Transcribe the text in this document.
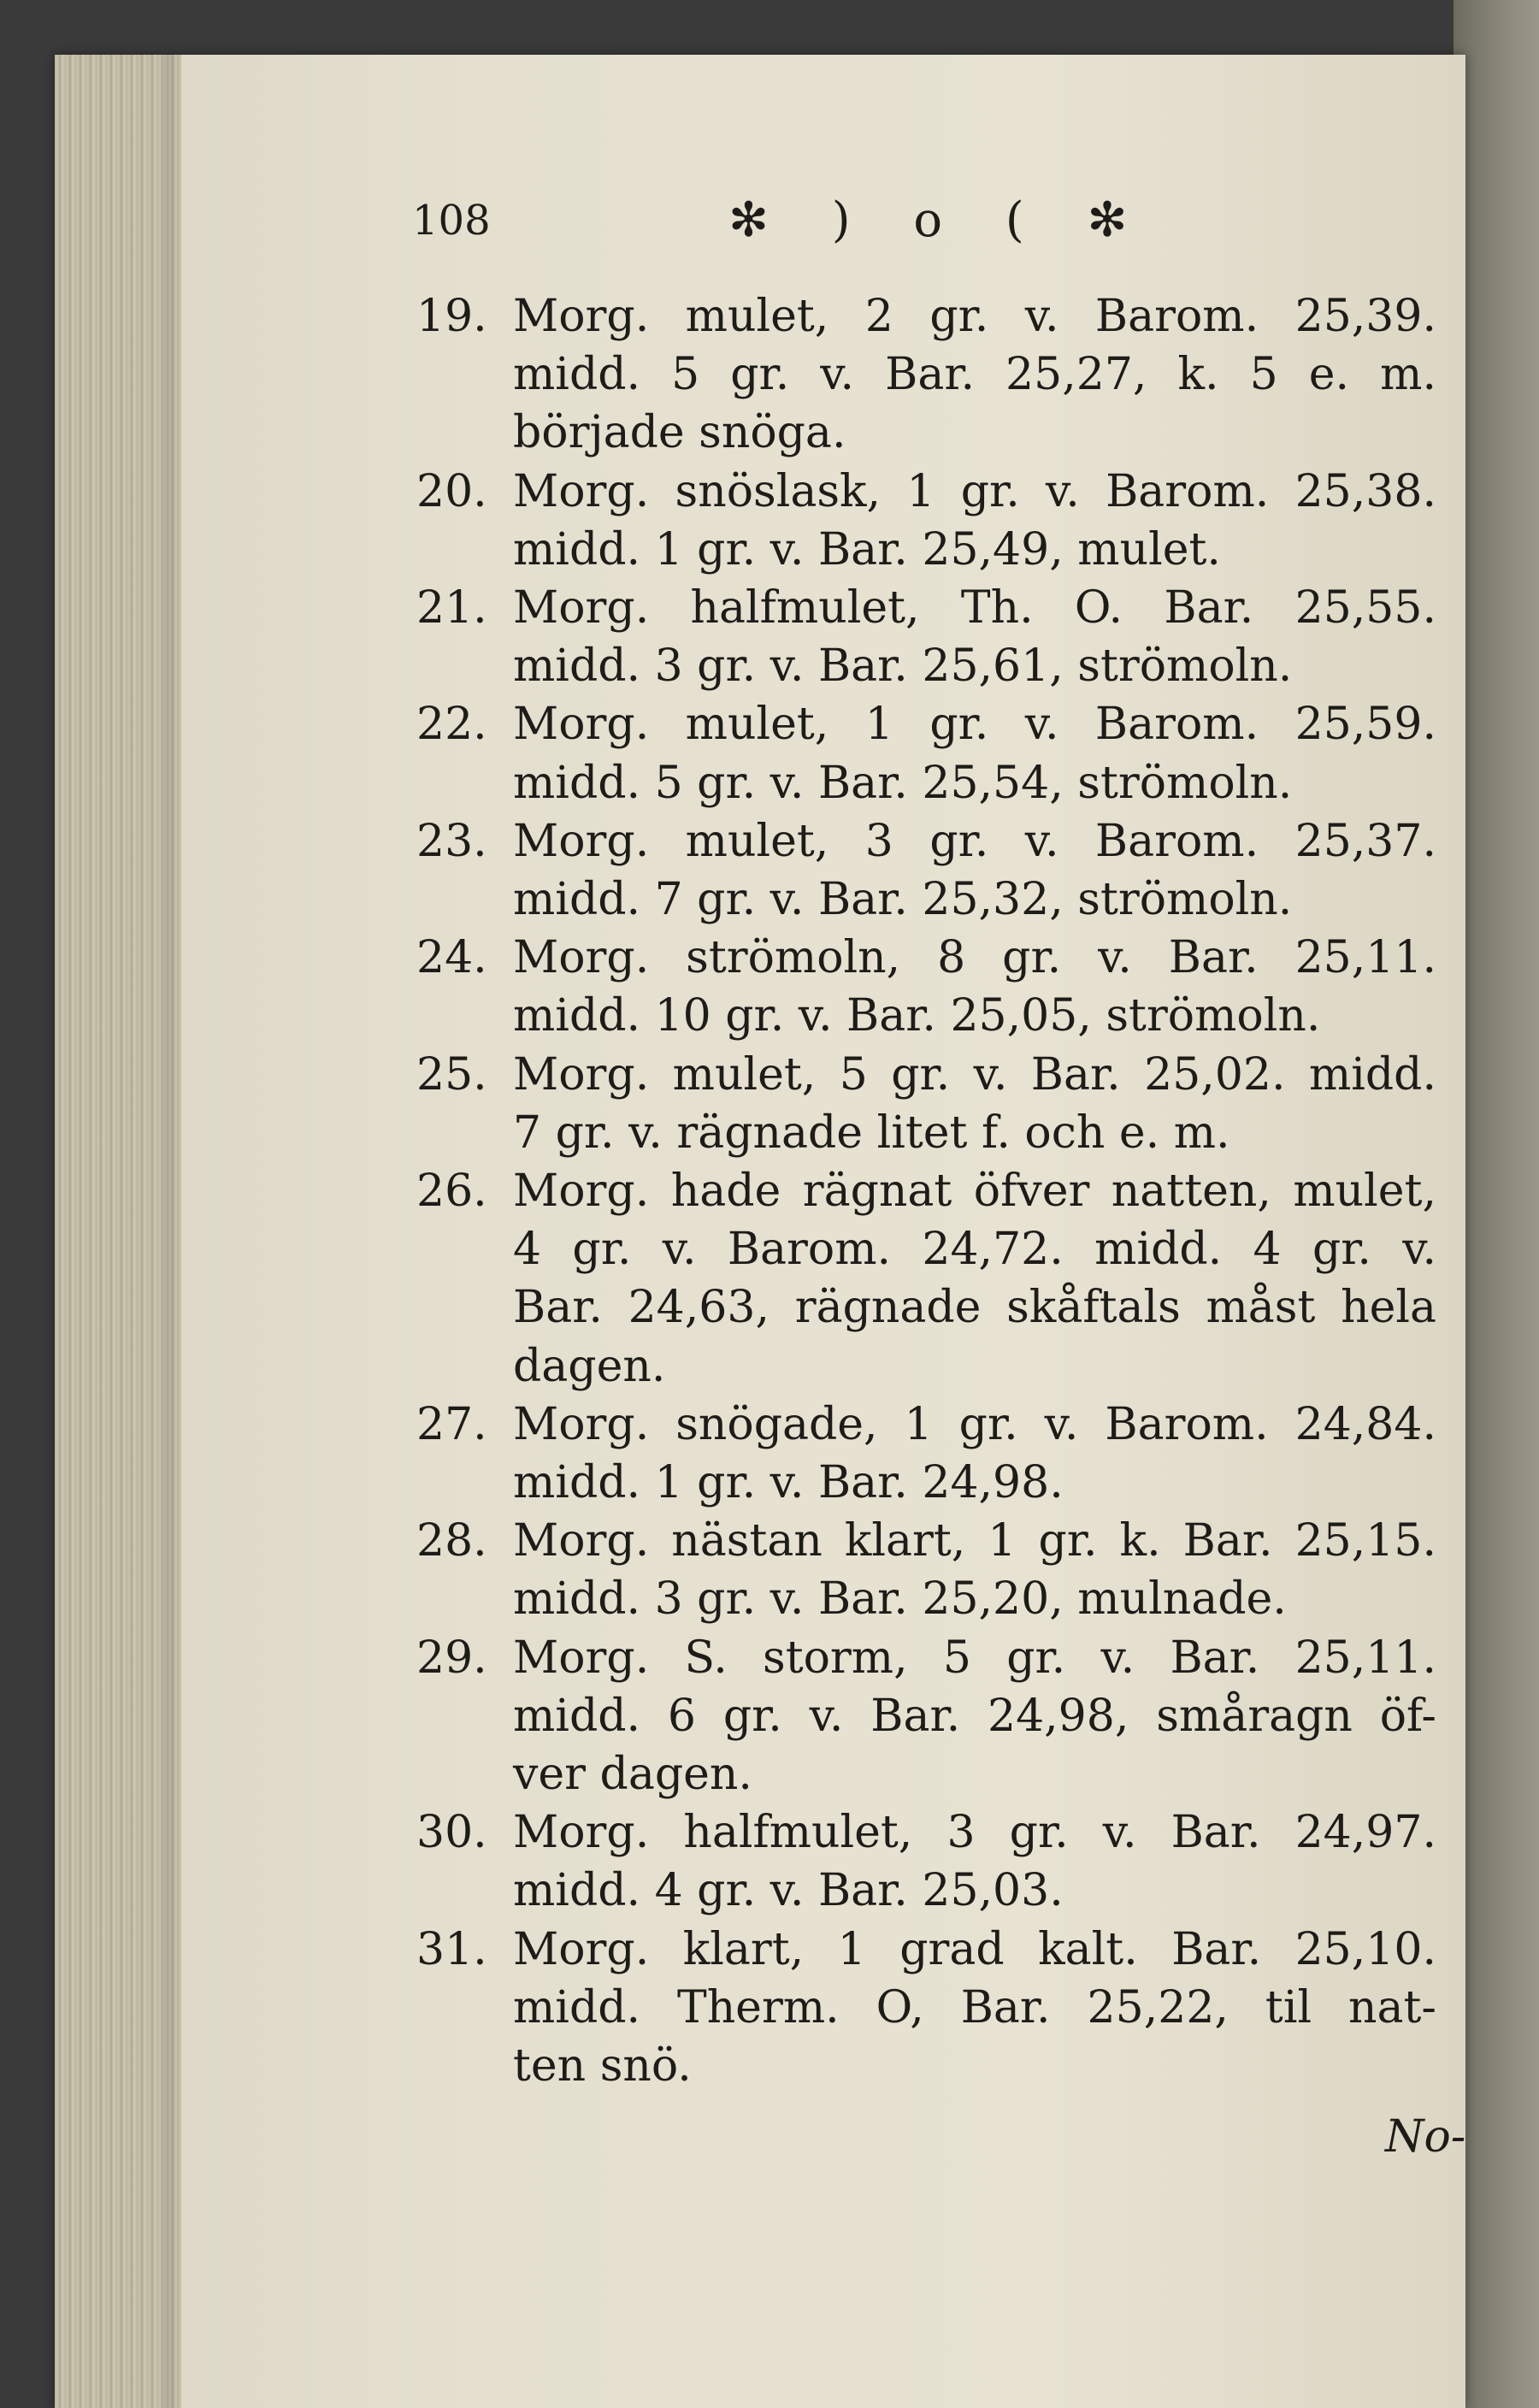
108	✻ ) o ( ✻
19. Morg. mulet, 2 gr. v. Barom. 25,39.
midd. 5 gr. v. Bar. 25,27, k. 5 e. m.
började snöga.
20. Morg. snöslask, 1 gr. v. Barom. 25,38.
midd. 1 gr. v. Bar. 25,49, mulet.
21. Morg. halfmulet, Th. O. Bar. 25,55.
midd. 3 gr. v. Bar. 25,61, strömoln.
22. Morg. mulet, 1 gr. v. Barom. 25,59.
midd. 5 gr. v. Bar. 25,54, strömoln.
23. Morg. mulet, 3 gr. v. Barom. 25,37.
midd. 7 gr. v. Bar. 25,32, strömoln.
24. Morg. strömoln, 8 gr. v. Bar. 25,11.
midd. 10 gr. v. Bar. 25,05, strömoln.
25. Morg. mulet, 5 gr. v. Bar. 25,02. midd.
7 gr. v. rägnade litet f. och e. m.
26. Morg. hade rägnat öfver natten, mulet,
4 gr. v. Barom. 24,72. midd. 4 gr. v.
Bar. 24,63, rägnade skåftals måst hela
dagen.
27. Morg. snögade, 1 gr. v. Barom. 24,84.
midd. 1 gr. v. Bar. 24,98.
28. Morg. nästan klart, 1 gr. k. Bar. 25,15.
midd. 3 gr. v. Bar. 25,20, mulnade.
29. Morg. S. storm, 5 gr. v. Bar. 25,11.
midd. 6 gr. v. Bar. 24,98, småragn öf-
ver dagen.
30. Morg. halfmulet, 3 gr. v. Bar. 24,97.
midd. 4 gr. v. Bar. 25,03.
31. Morg. klart, 1 grad kalt. Bar. 25,10.
midd. Therm. O, Bar. 25,22, til nat-
ten snö.
No-
